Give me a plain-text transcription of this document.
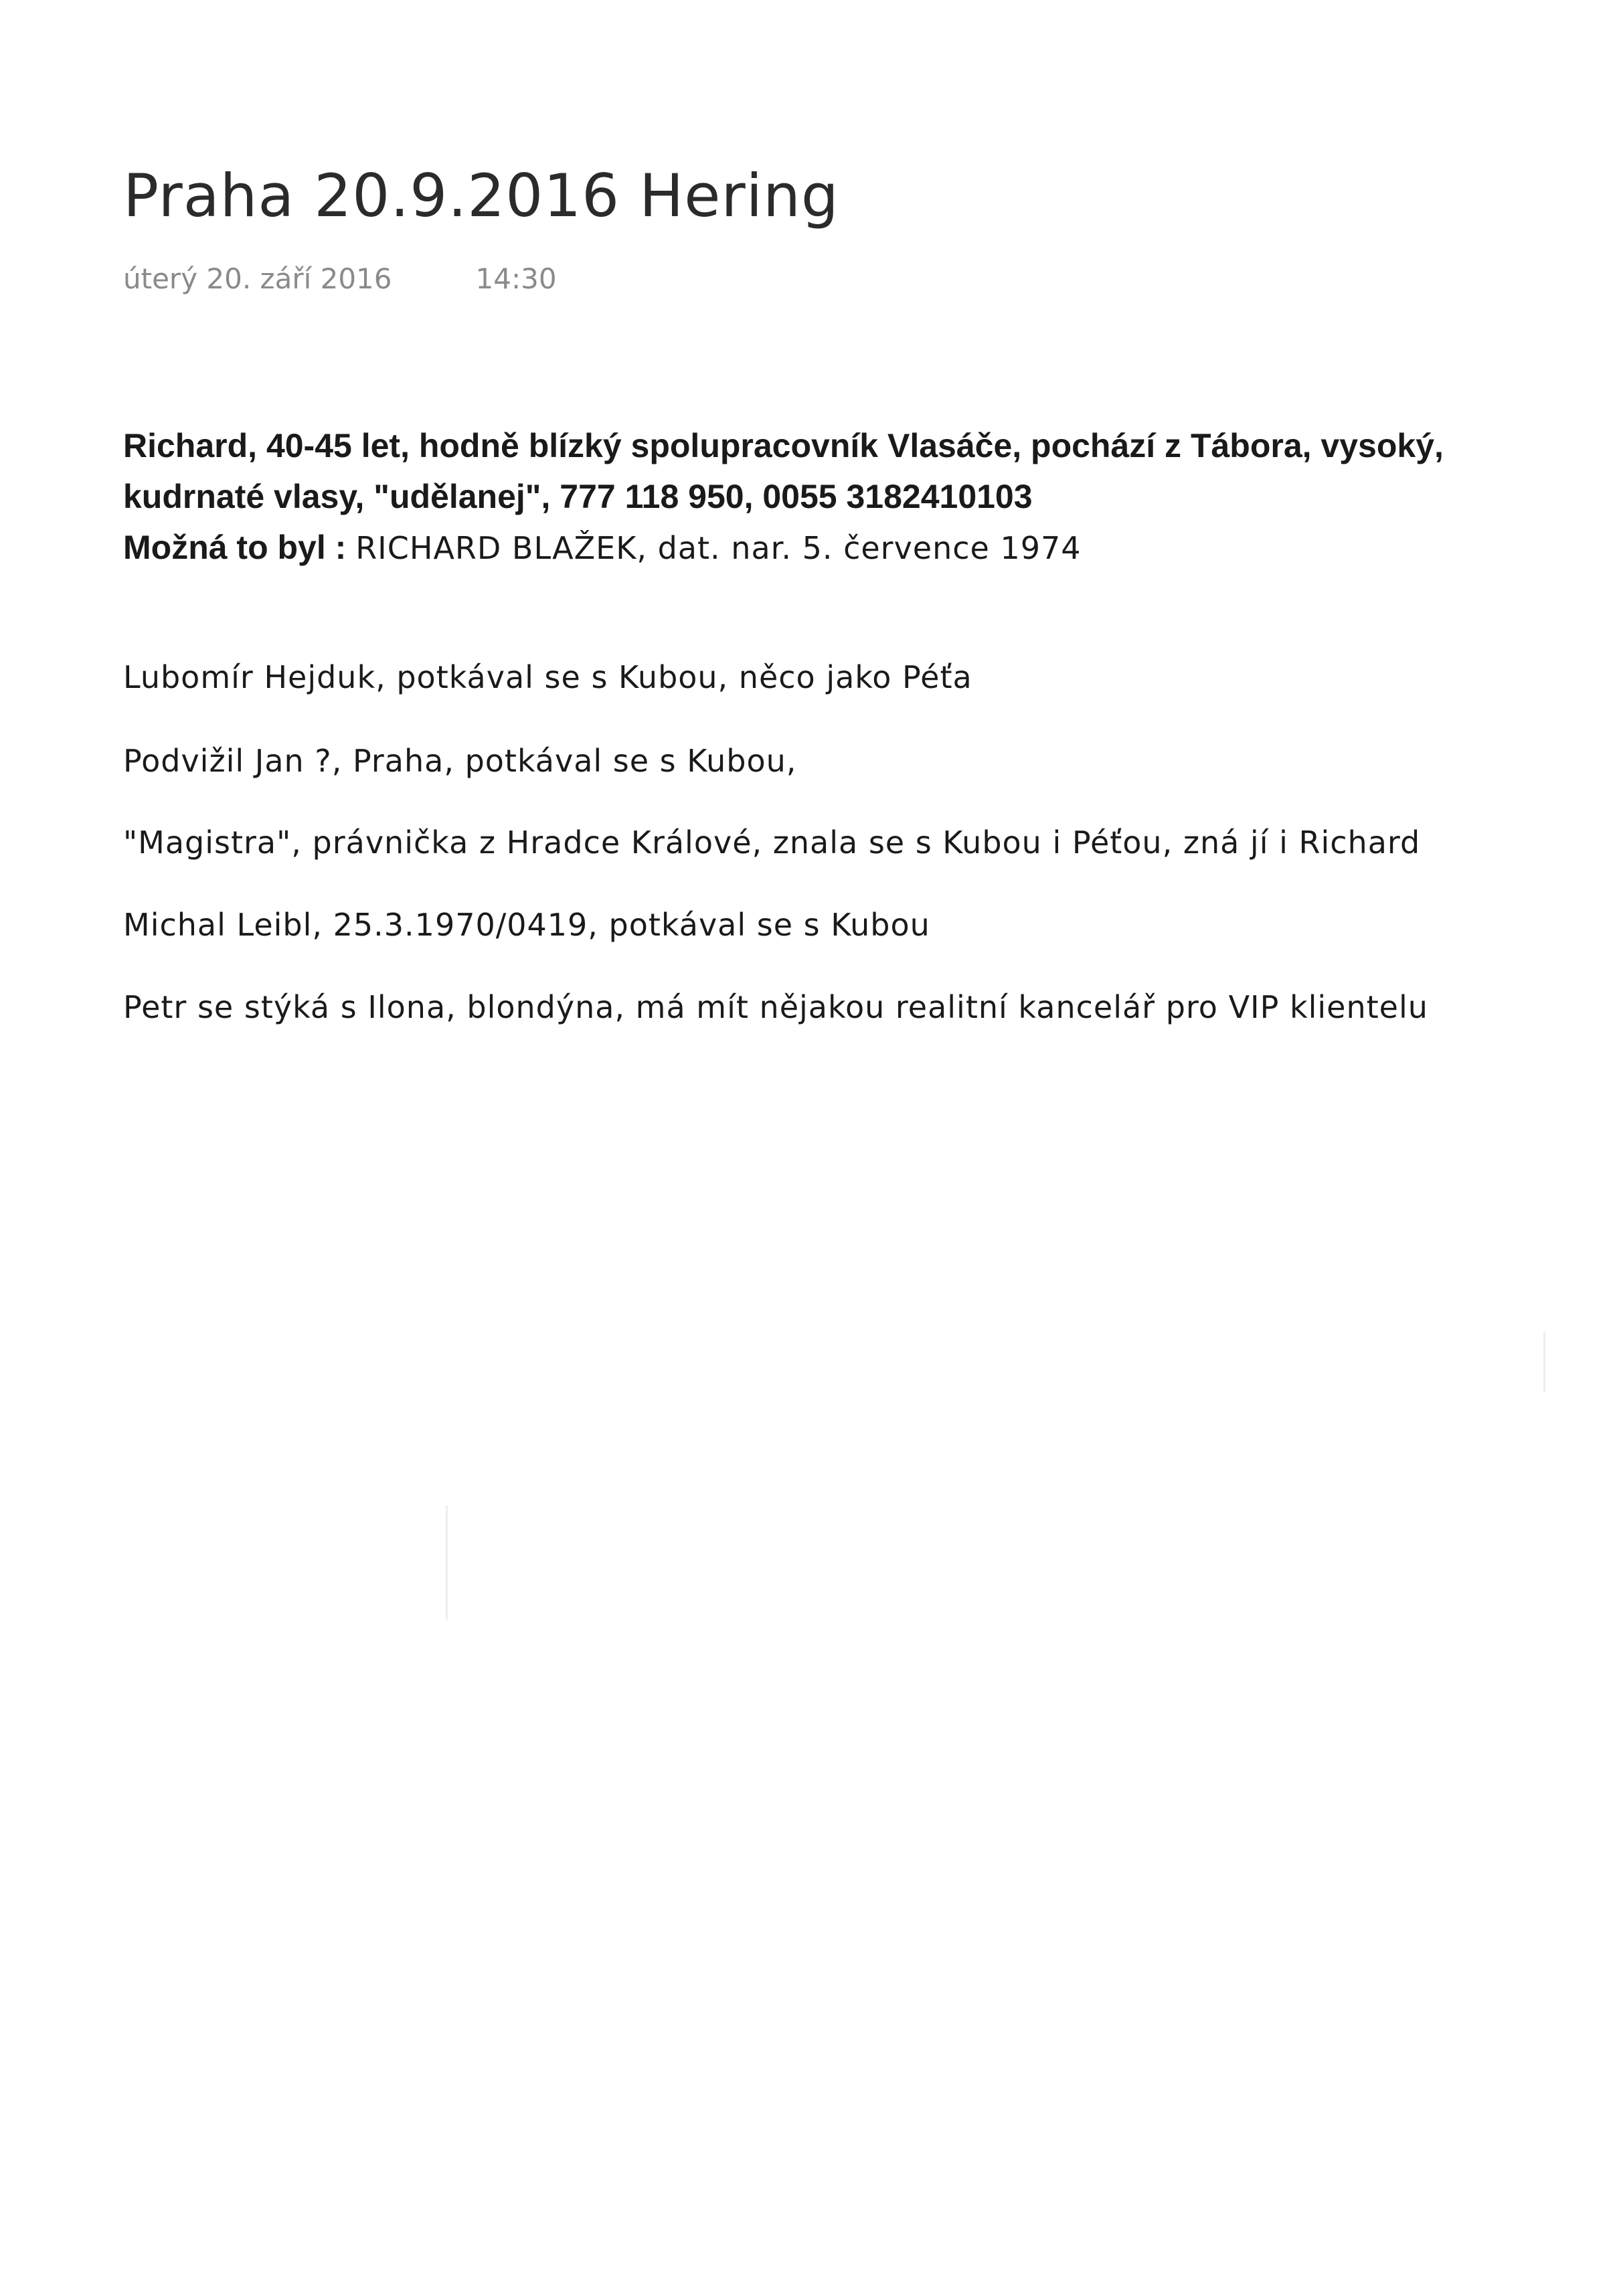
Praha 20.9.2016 Hering
úterý 20. září 2016	14:30
Richard, 40-45 let, hodně blízký spolupracovník Vlasáče, pochází z Tábora, vysoký,
kudrnaté vlasy, "udělanej", 777 118 950, 0055 3182410103
Možná to byl : RICHARD BLAŽEK, dat. nar. 5. července 1974
Lubomír Hejduk, potkával se s Kubou, něco jako Péťa
Podvižil Jan ?, Praha, potkával se s Kubou,
"Magistra", právnička z Hradce Králové, znala se s Kubou i Péťou, zná jí i Richard
Michal Leibl, 25.3.1970/0419, potkával se s Kubou
Petr se stýká s Ilona, blondýna, má mít nějakou realitní kancelář pro VIP klientelu
